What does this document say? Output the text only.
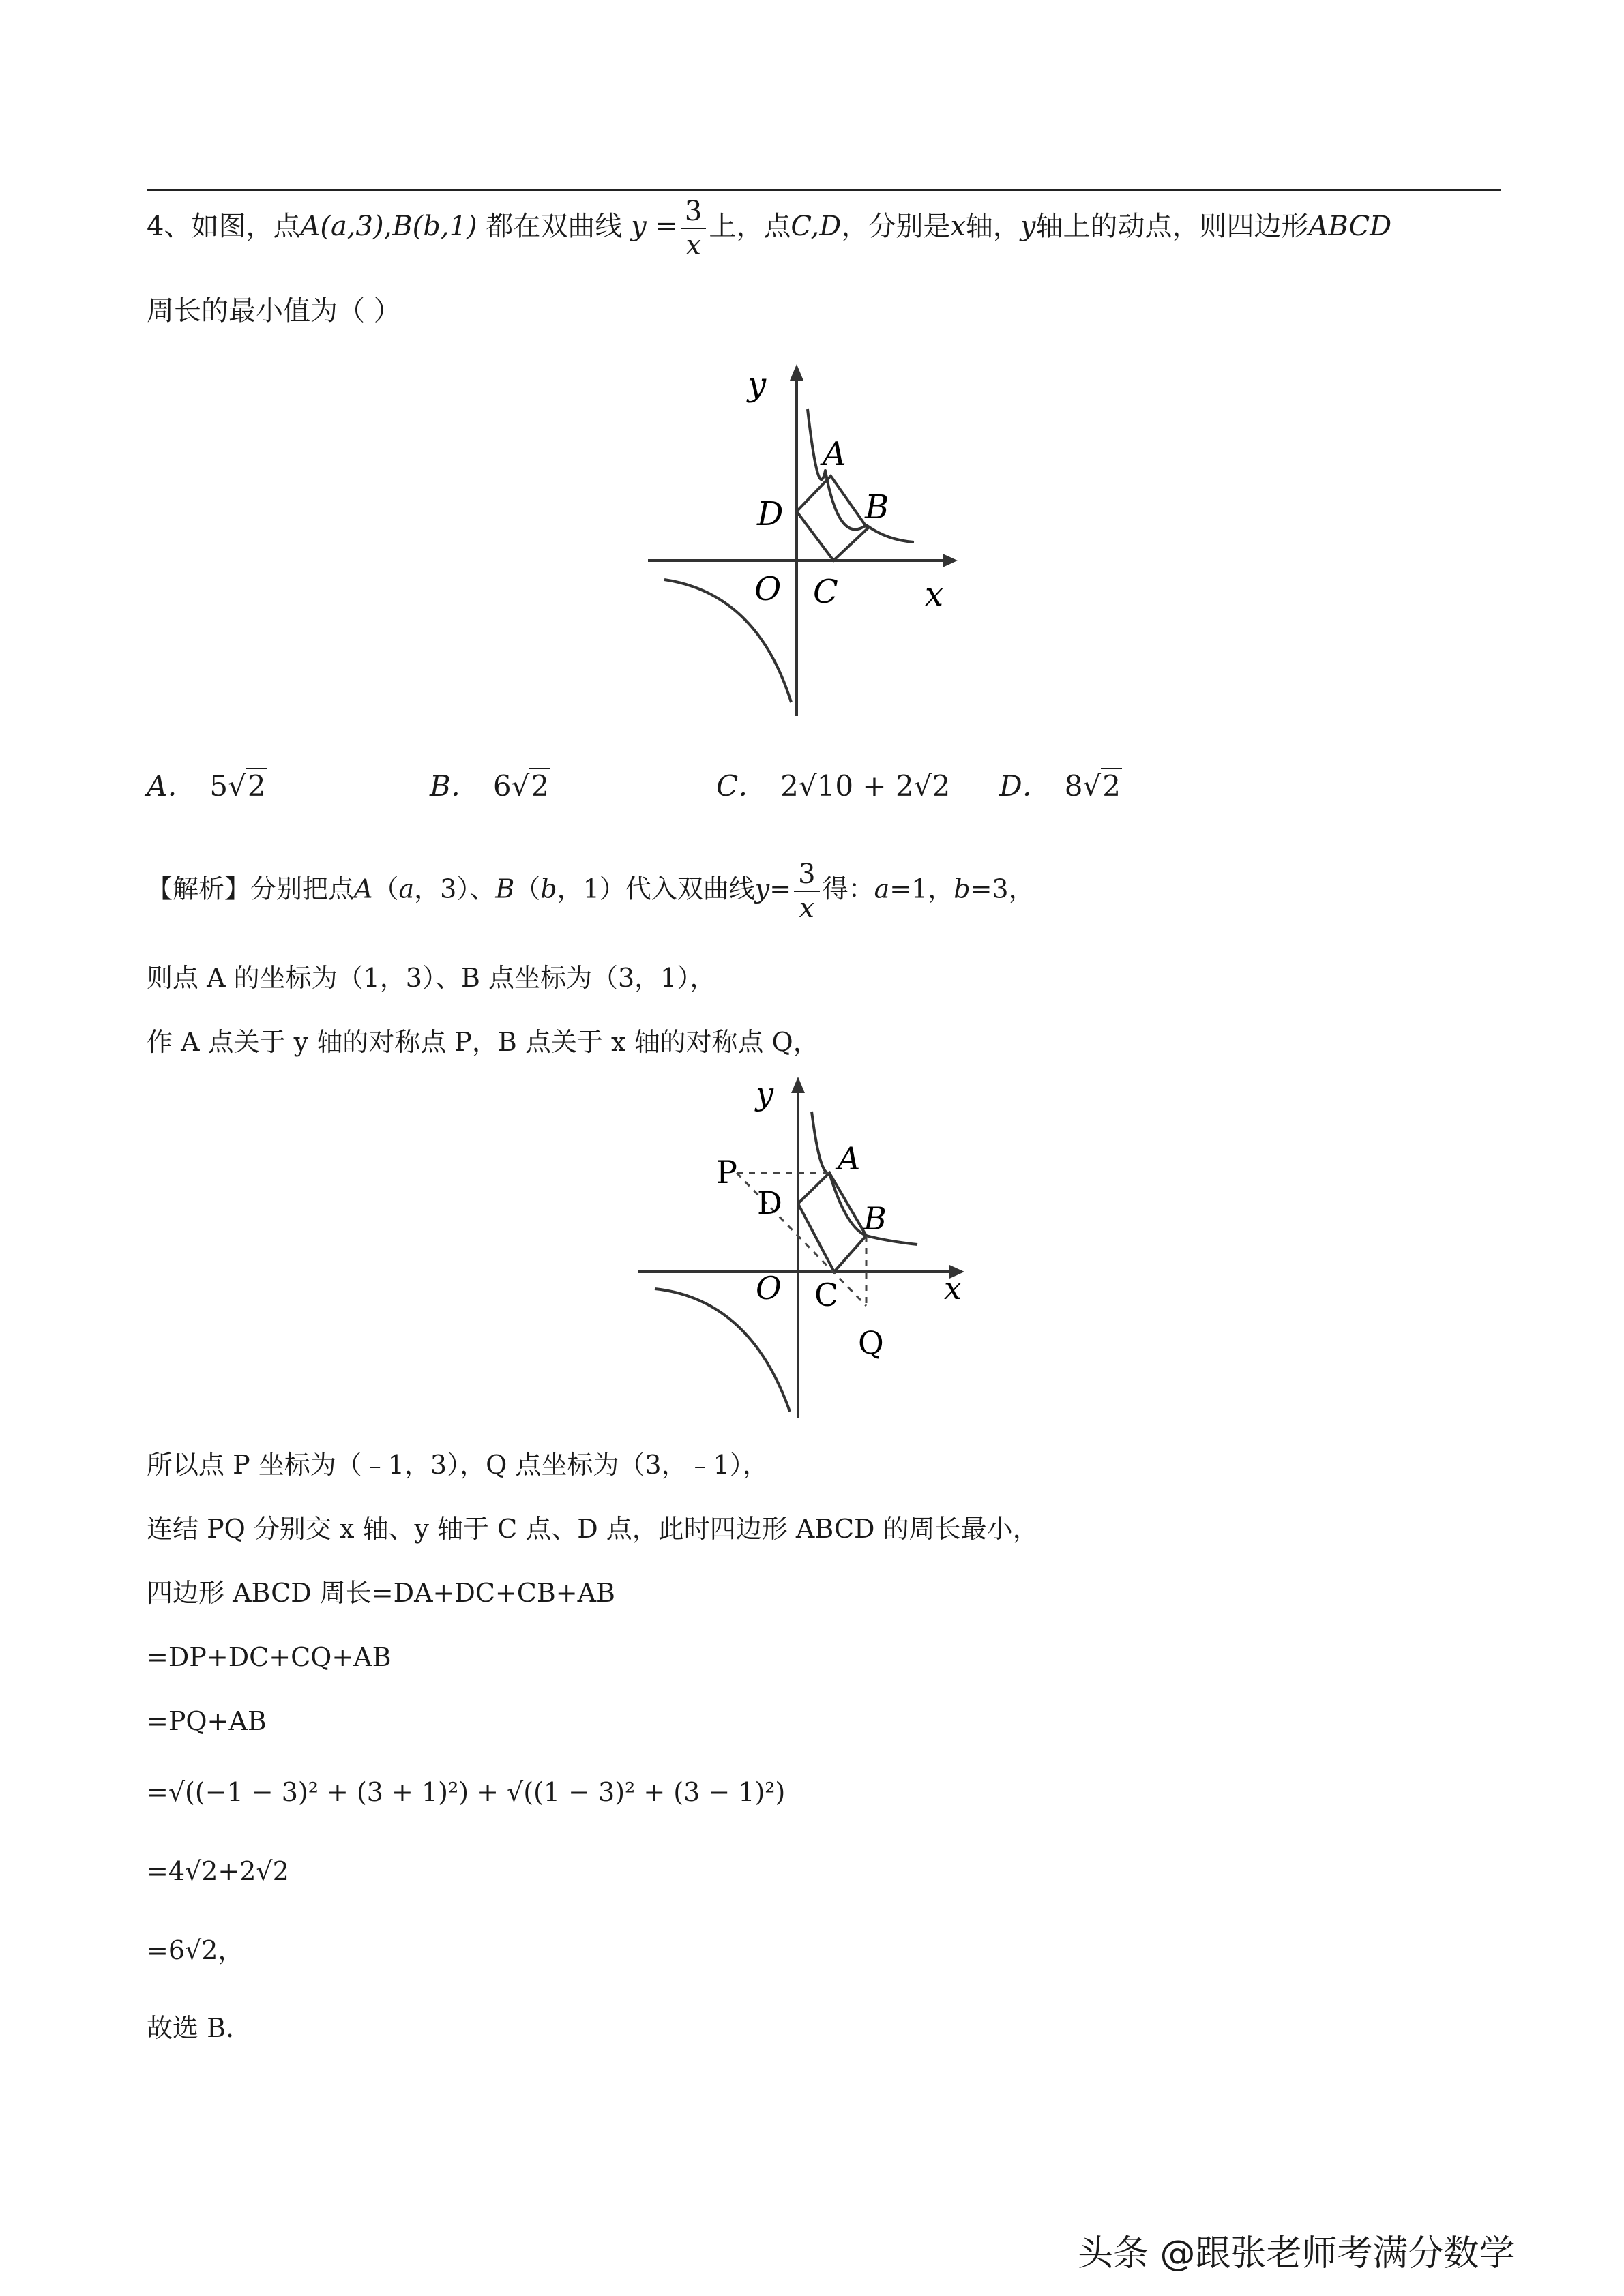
4、如图，点A(a,3),B(b,1) 都在双曲线 $y = \frac{3}{x}$ 上，点C,D，分别是x轴，y轴上的动点，则四边形ABCD
周长的最小值为（ ）
y
A
B
D
O C	x
A． 5√2	B． 6√2	C． 2√10 + 2√2 D． 8√2
【解析】分别把点A（a，3）、B（b，1）代入双曲线$y= \frac{3}{x}$ 得：a=1，b=3，
则点 A 的坐标为（1，3）、B 点坐标为（3，1），
作 A 点关于 y 轴的对称点 P，B 点关于 x 轴的对称点 Q，
y
P	A
D	B
O C	x
Q
所以点 P 坐标为（﹣1，3），Q 点坐标为（3，﹣1），
连结 PQ 分别交 x 轴、y 轴于 C 点、D 点，此时四边形 ABCD 的周长最小，
四边形 ABCD 周长=DA+DC+CB+AB
=DP+DC+CQ+AB
=PQ+AB
=√((−1 − 3)² + (3 + 1)²) + √((1 − 3)² + (3 − 1)²)
=4√2+2√2
=6√2，
故选 B.
头条 @跟张老师考满分数学
